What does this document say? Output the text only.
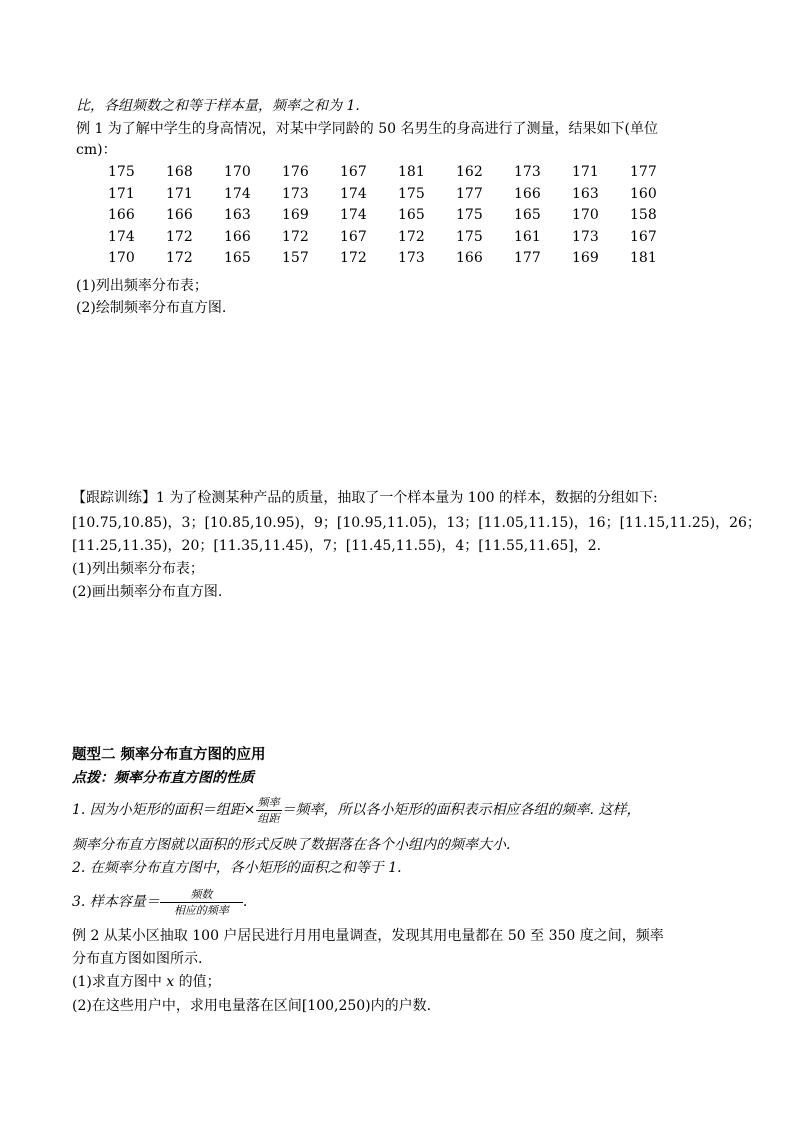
比，各组频数之和等于样本量，频率之和为 1.
例 1 为了解中学生的身高情况，对某中学同龄的 50 名男生的身高进行了测量，结果如下(单位
cm)：
175	168	170	176	167	181	162	173	171	177
171	171	174	173	174	175	177	166	163	160
166	166	163	169	174	165	175	165	170	158
174	172	166	172	167	172	175	161	173	167
170	172	165	157	172	173	166	177	169	181
(1)列出频率分布表；
(2)绘制频率分布直方图.
【跟踪训练】1 为了检测某种产品的质量，抽取了一个样本量为 100 的样本，数据的分组如下:
[10.75,10.85)，3；[10.85,10.95)，9；[10.95,11.05)，13；[11.05,11.15)，16；[11.15,11.25)，26；
[11.25,11.35)，20；[11.35,11.45)，7；[11.45,11.55)，4；[11.55,11.65]，2.
(1)列出频率分布表；
(2)画出频率分布直方图.
题型二 频率分布直方图的应用
点拨：频率分布直方图的性质
1. 因为小矩形的面积＝组距× $\frac{\text{频率}}{\text{组距}}$ ＝频率，所以各小矩形的面积表示相应各组的频率. 这样，
频率分布直方图就以面积的形式反映了数据落在各个小组内的频率大小.
2. 在频率分布直方图中，各小矩形的面积之和等于 1.
3. 样本容量＝ $\frac{\text{频数}}{\text{相应的频率}}$ .
例 2 从某小区抽取 100 户居民进行月用电量调查，发现其用电量都在 50 至 350 度之间，频率
分布直方图如图所示.
(1)求直方图中 x 的值；
(2)在这些用户中，求用电量落在区间[100,250)内的户数.
